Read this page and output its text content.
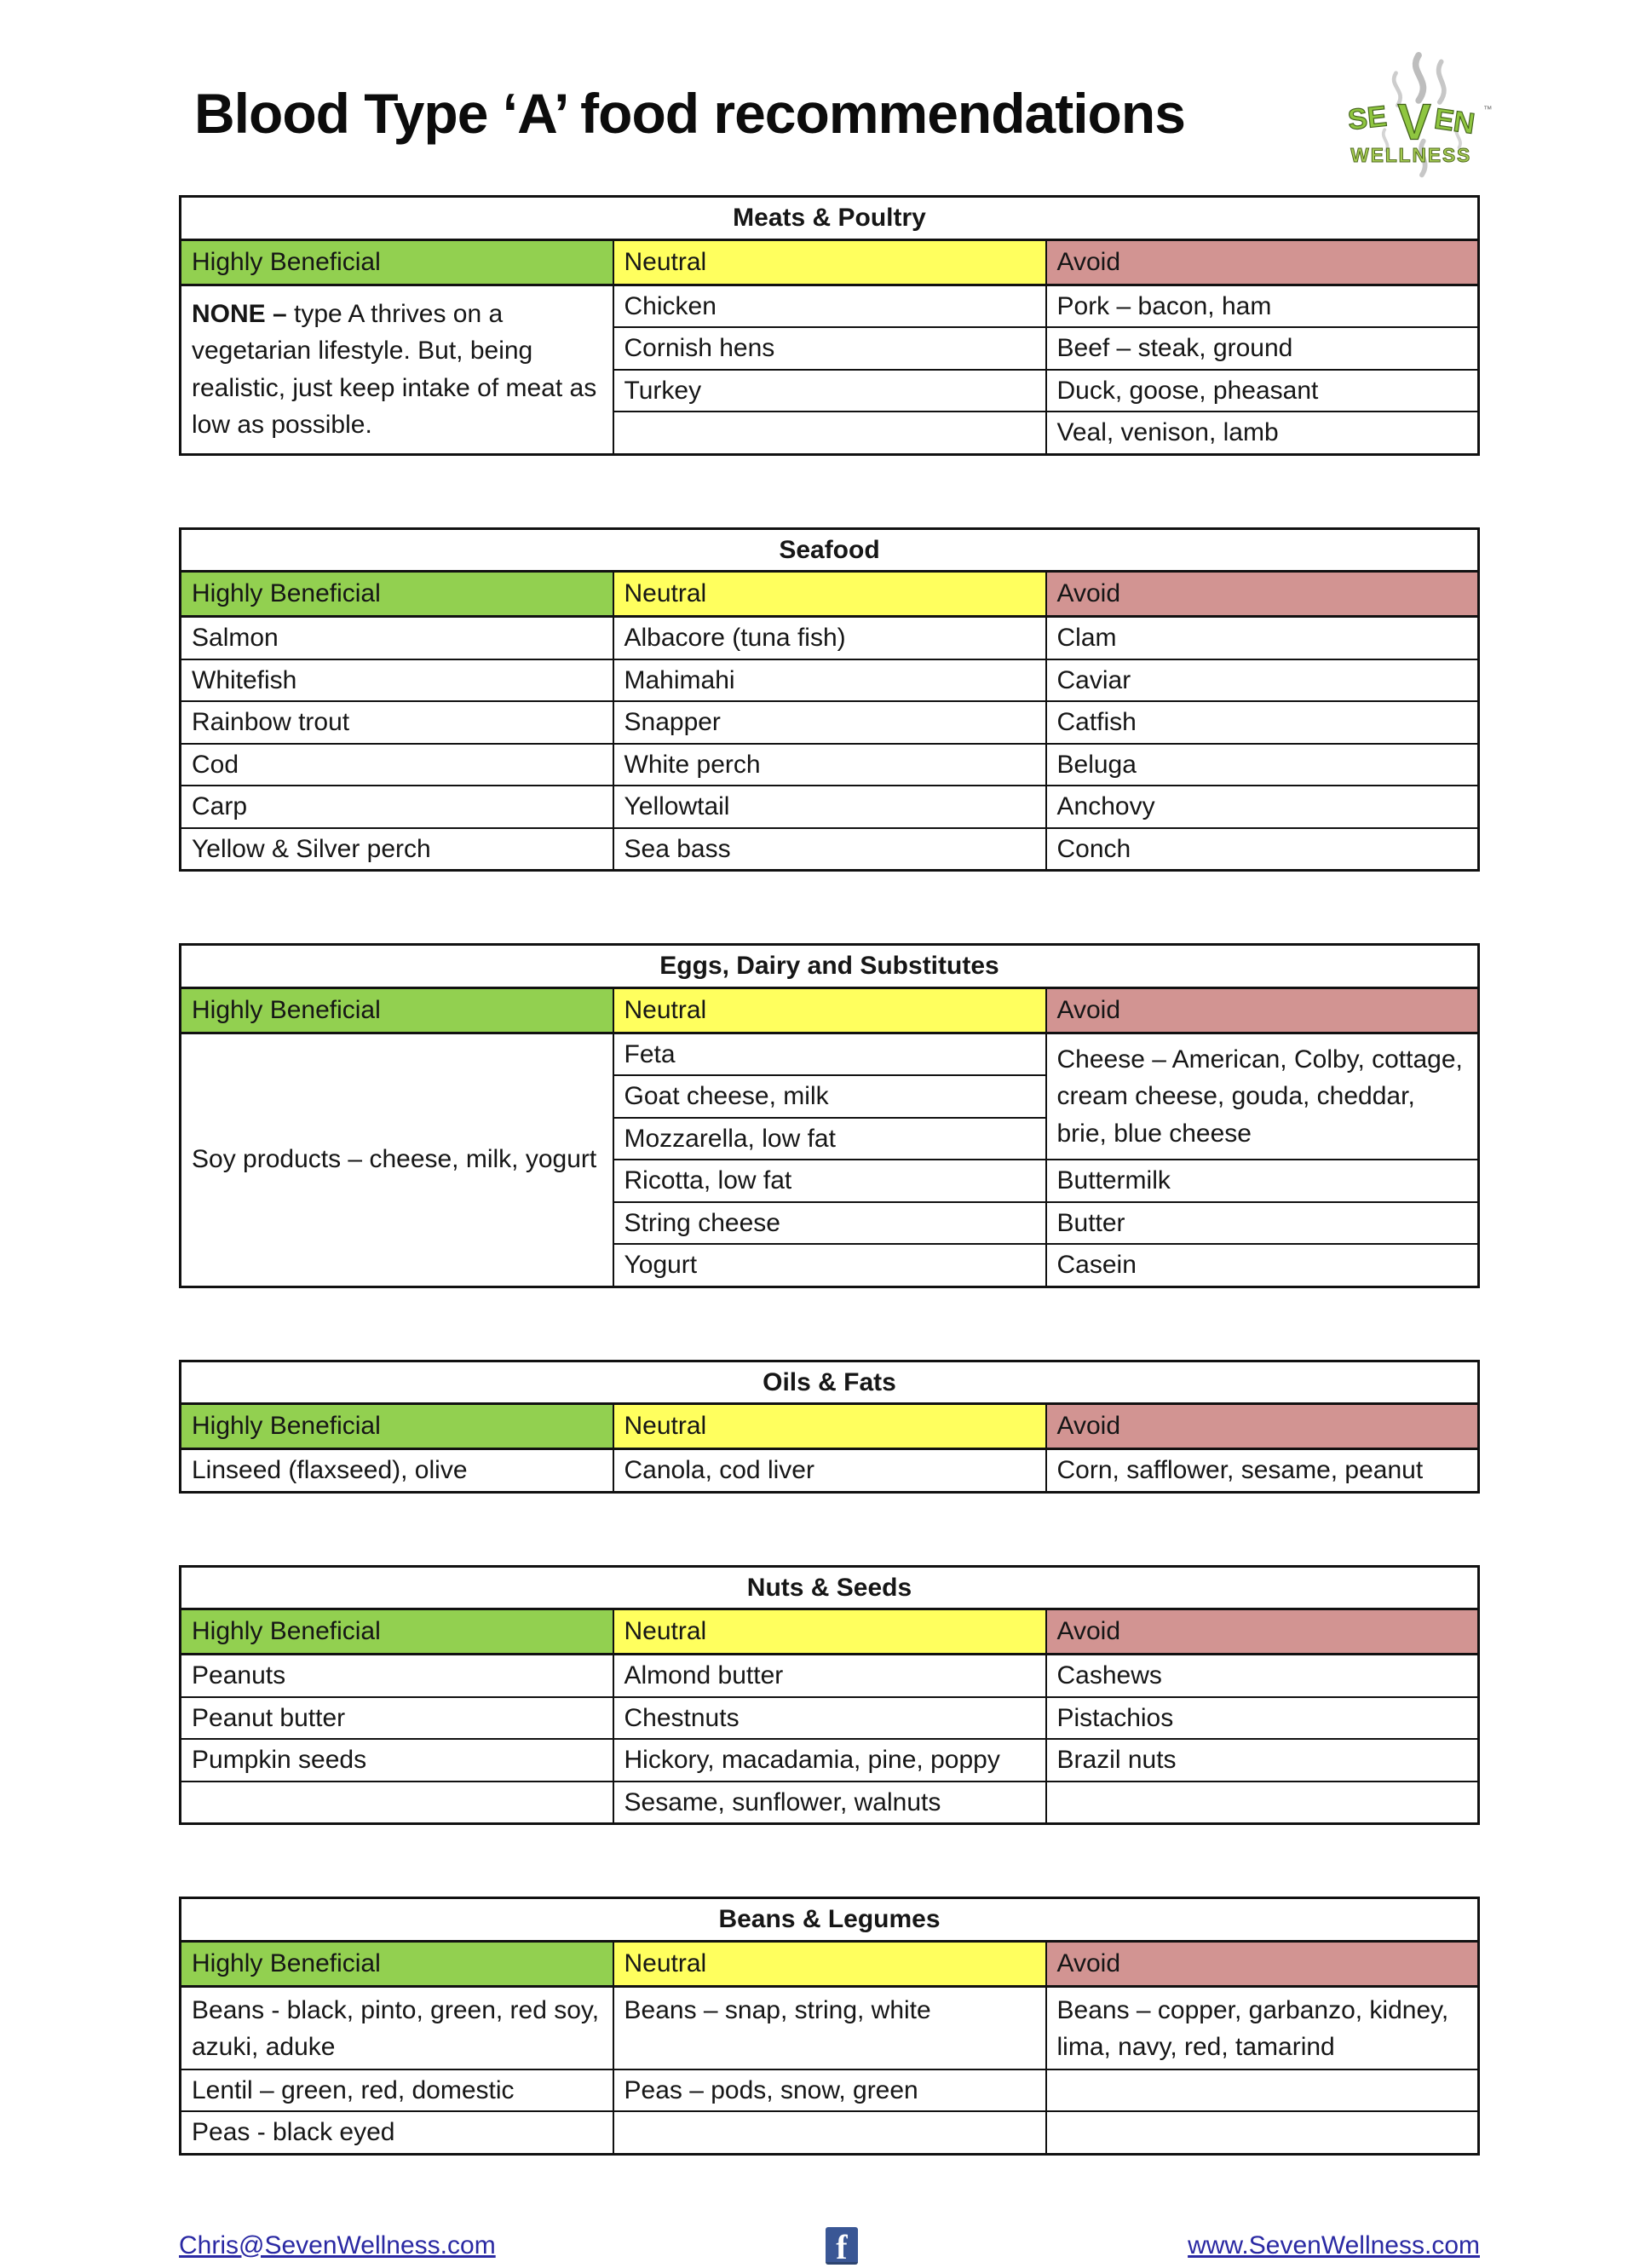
Blood Type ‘A’ food recommendations	SE V EN ™
WELLNESS
Meats & Poultry		
Highly Beneficial	Neutral	Avoid
NONE – type A thrives on a vegetarian lifestyle. But, being realistic, just keep intake of meat as low as possible.	Chicken	Pork – bacon, ham
	Cornish hens	Beef – steak, ground
	Turkey	Duck, goose, pheasant
		Veal, venison, lamb
Seafood		
Highly Beneficial	Neutral	Avoid
Salmon	Albacore (tuna fish)	Clam
Whitefish	Mahimahi	Caviar
Rainbow trout	Snapper	Catfish
Cod	White perch	Beluga
Carp	Yellowtail	Anchovy
Yellow & Silver perch	Sea bass	Conch
Eggs, Dairy and Substitutes		
Highly Beneficial	Neutral	Avoid
Soy products – cheese, milk, yogurt	Feta	Cheese – American, Colby, cottage, cream cheese, gouda, cheddar, brie, blue cheese
	Goat cheese, milk	
	Mozzarella, low fat	
	Ricotta, low fat	Buttermilk
	String cheese	Butter
	Yogurt	Casein
Oils & Fats		
Highly Beneficial	Neutral	Avoid
Linseed (flaxseed), olive	Canola, cod liver	Corn, safflower, sesame, peanut
Nuts & Seeds		
Highly Beneficial	Neutral	Avoid
Peanuts	Almond butter	Cashews
Peanut butter	Chestnuts	Pistachios
Pumpkin seeds	Hickory, macadamia, pine, poppy	Brazil nuts
	Sesame, sunflower, walnuts	
Beans & Legumes		
Highly Beneficial	Neutral	Avoid
Beans - black, pinto, green, red soy, azuki, aduke	Beans – snap, string, white	Beans – copper, garbanzo, kidney, lima, navy, red, tamarind
Lentil – green, red, domestic	Peas – pods, snow, green	
Peas - black eyed		
Chris@SevenWellness.com	f	www.SevenWellness.com
